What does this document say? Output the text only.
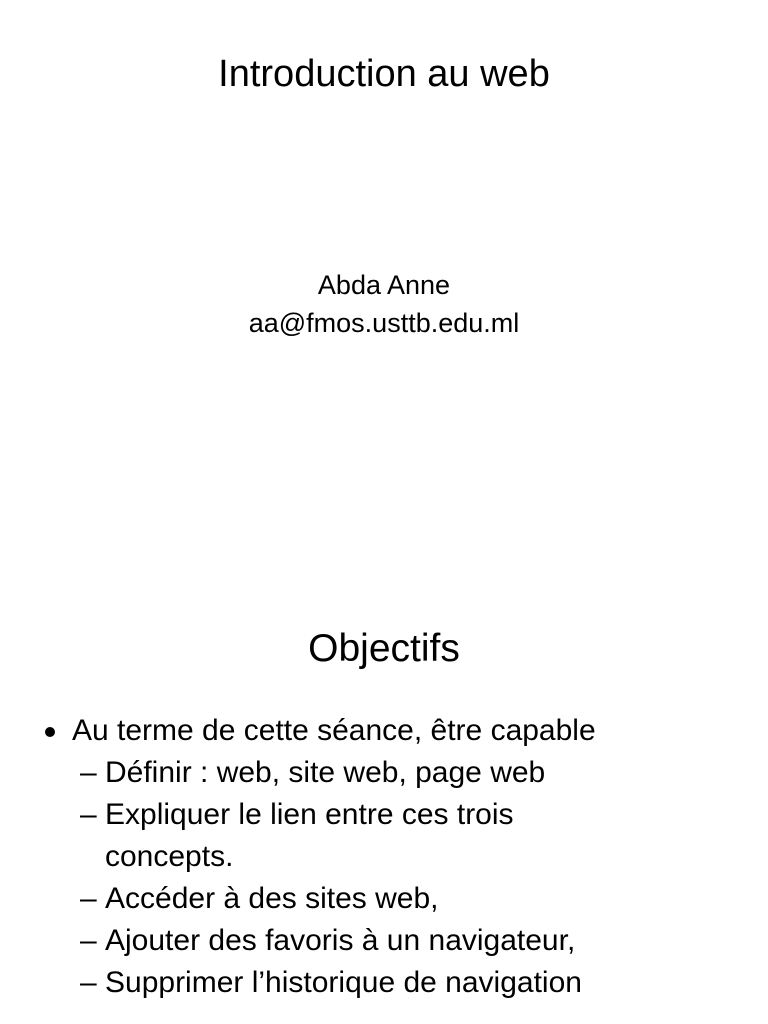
Introduction au web
Abda Anne
aa@fmos.usttb.edu.ml
Objectifs
Au terme de cette séance, être capable
– Définir : web, site web, page web
– Expliquer le lien entre ces trois concepts.
– Accéder à des sites web,
– Ajouter des favoris à un navigateur,
– Supprimer l’historique de navigation
